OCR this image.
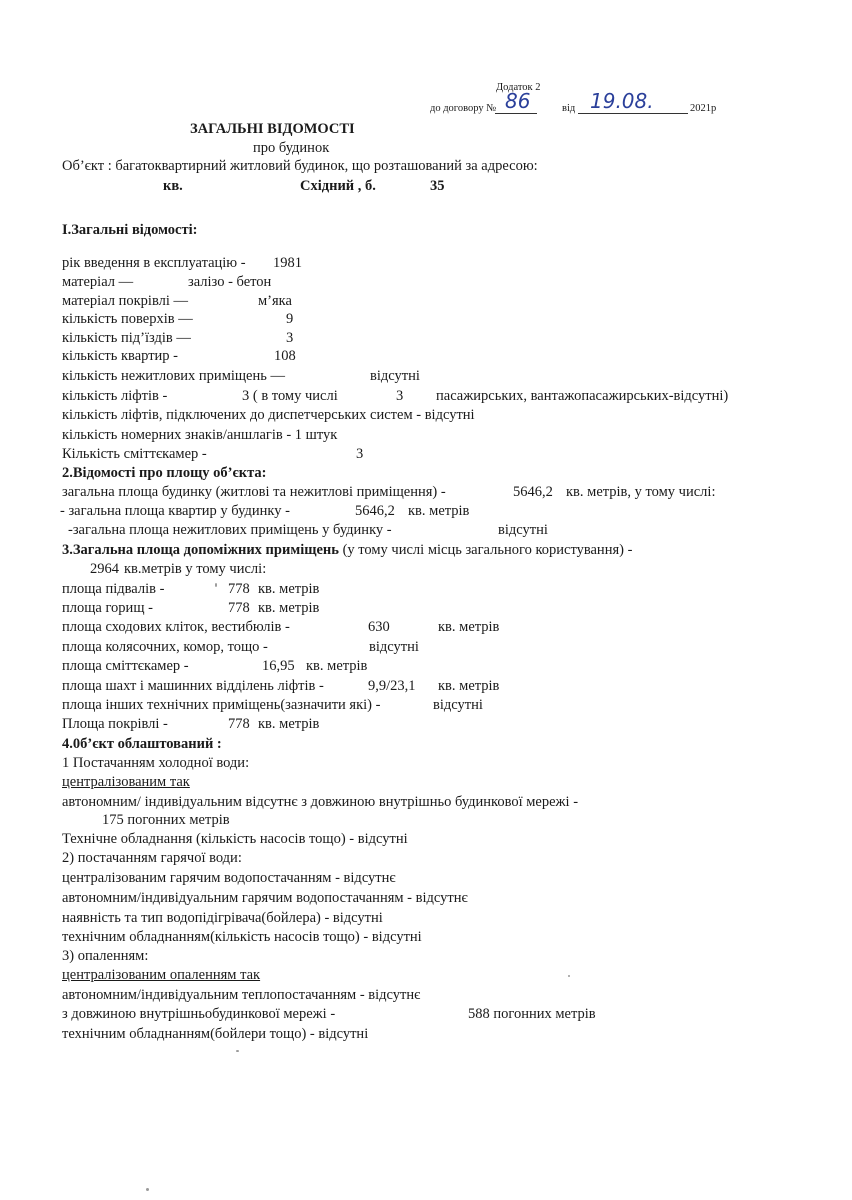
Додаток 2
до договору № 86	від 19.08.	2021р
ЗАГАЛЬНІ ВІДОМОСТІ
про будинок
Об’єкт : багатоквартирний житловий будинок, що розташований за адресою:
кв.	Східний , б.	35
I.Загальні відомості:
рік введення в експлуатацію - 1981
матеріал —	залізо - бетон
матеріал покрівлі —	м’яка
кількість поверхів —	9
кількість під’їздів —	3
кількість квартир -	108
кількість нежитлових приміщень —	відсутні
кількість ліфтів -	3 ( в тому числі	3 пасажирських, вантажопасажирських-відсутні)
кількість ліфтів, підключених до диспетчерських систем - відсутні
кількість номерних знаків/аншлагів - 1 штук
Кількість сміттєкамер -	3
2.Відомості про площу об’єкта:
загальна площа будинку (житлові та нежитлові приміщення) -	5646,2 кв. метрів, у тому числі:
- загальна площа квартир у будинку -	5646,2 кв. метрів
-загальна площа нежитлових приміщень у будинку -	відсутні
3.Загальна площа допоміжних приміщень (у тому числі місць загального користування) -
2964 кв.метрів у тому числі:
площа підвалів -	778 кв. метрів
площа горищ -	778 кв. метрів
площа сходових кліток, вестибюлів -	630	кв. метрів
площа колясочних, комор, тощо -	відсутні
площа сміттєкамер -	16,95 кв. метрів
площа шахт і машинних відділень ліфтів -	9,9/23,1 кв. метрів
площа інших технічних приміщень(зазначити які) -	відсутні
Площа покрівлі -	778 кв. метрів
4.0б’єкт облаштований :
1 Постачанням холодної води:
централізованим так
автономним/ індивідуальним відсутнє з довжиною внутрішньо будинкової мережі -
175 погонних метрів
Технічне обладнання (кількість насосів тощо) - відсутні
2) постачанням гарячої води:
централізованим гарячим водопостачанням - відсутнє
автономним/індивідуальним гарячим водопостачанням - відсутнє
наявність та тип водопідігрівача(бойлера) - відсутні
технічним обладнанням(кількість насосів тощо) - відсутні
3) опаленням:
централізованим опаленням так
автономним/індивідуальним теплопостачанням - відсутнє
з довжиною внутрішньобудинкової мережі -	588 погонних метрів
технічним обладнанням(бойлери тощо) - відсутні
